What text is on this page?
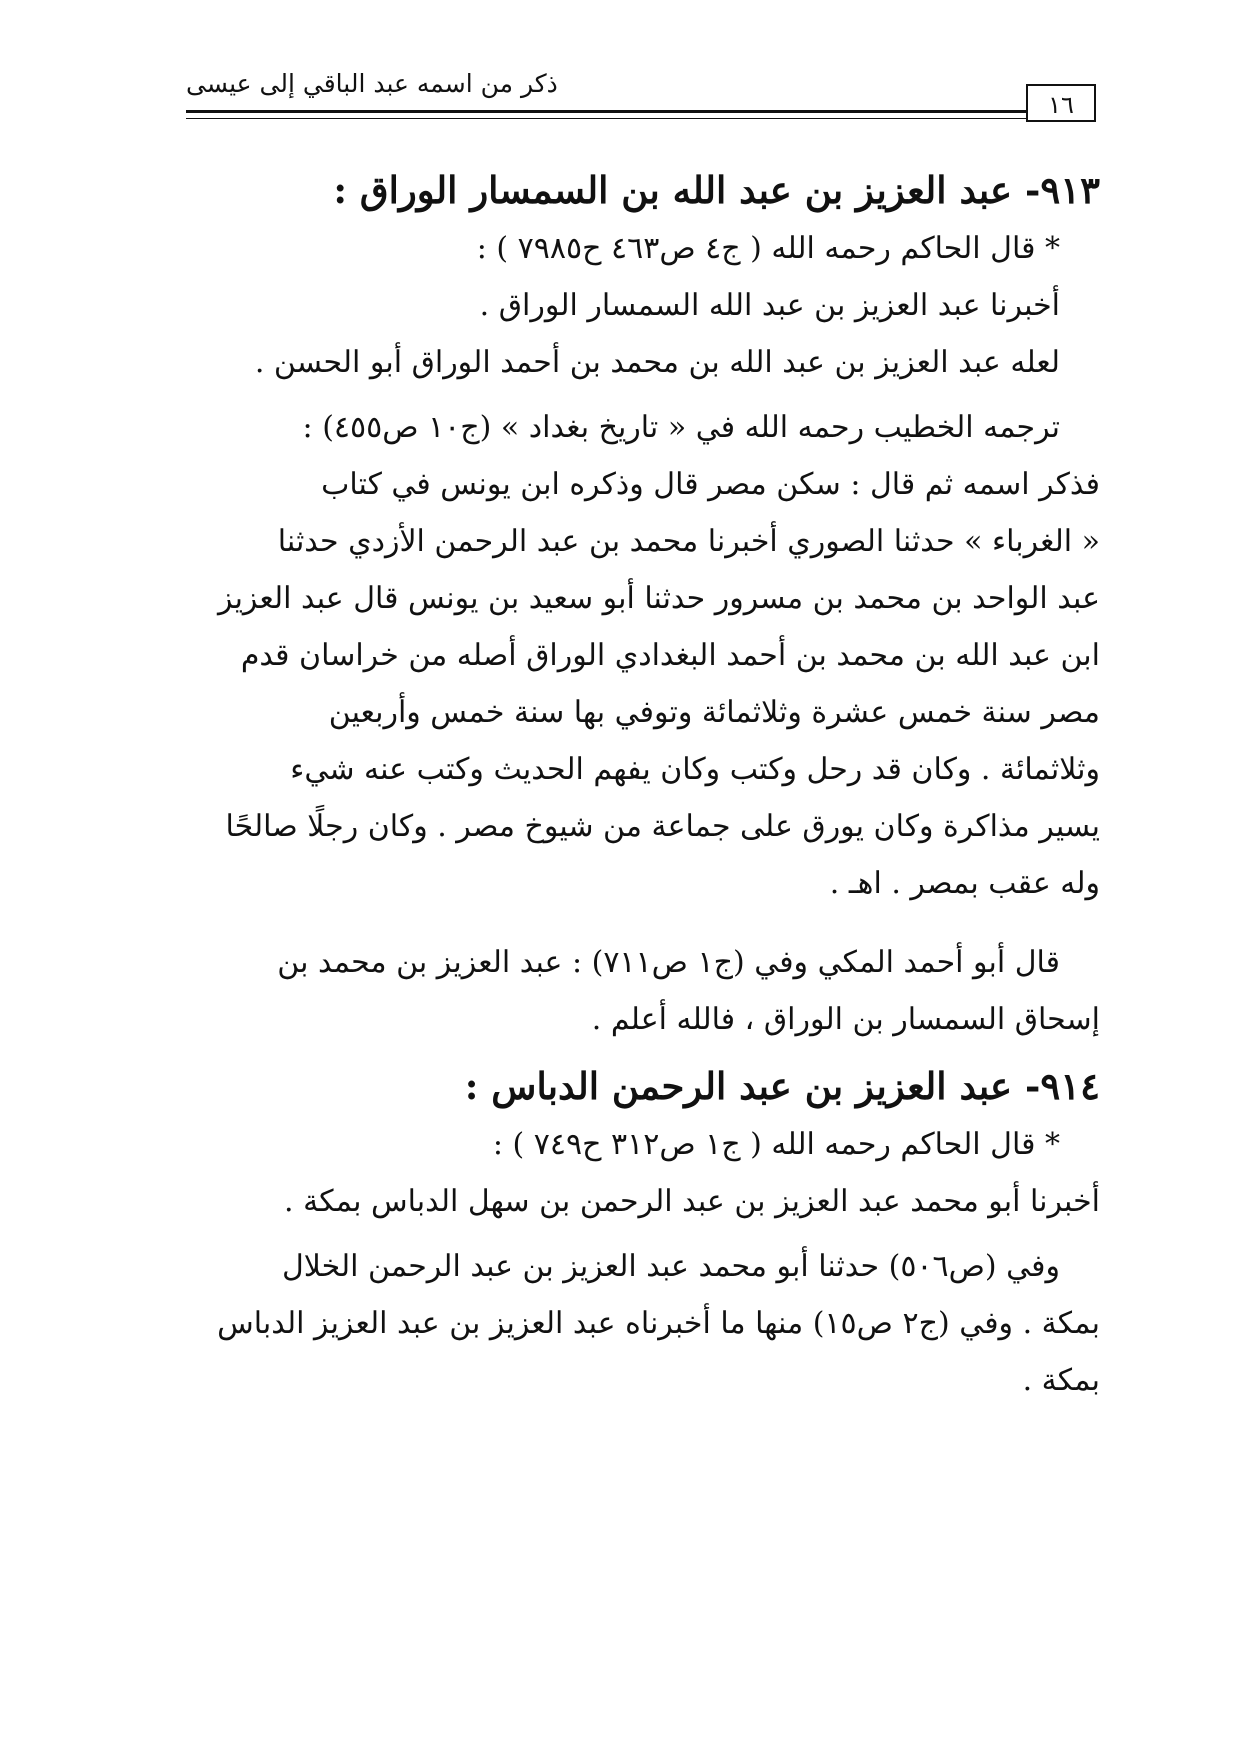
ذكر من اسمه عبد الباقي إلى عيسى
١٦

٩١٣- عبد العزيز بن عبد الله بن السمسار الوراق :

* قال الحاكم رحمه الله ( ج٤ ص٤٦٣ ح٧٩٨٥ ) :

أخبرنا عبد العزيز بن عبد الله السمسار الوراق .

لعله عبد العزيز بن عبد الله بن محمد بن أحمد الوراق أبو الحسن .

ترجمه الخطيب رحمه الله في « تاريخ بغداد » (ج١٠ ص٤٥٥) :

فذكر اسمه ثم قال : سكن مصر قال وذكره ابن يونس في كتاب

« الغرباء » حدثنا الصوري أخبرنا محمد بن عبد الرحمن الأزدي حدثنا

عبد الواحد بن محمد بن مسرور حدثنا أبو سعيد بن يونس قال عبد العزيز

ابن عبد الله بن محمد بن أحمد البغدادي الوراق أصله من خراسان قدم

مصر سنة خمس عشرة وثلاثمائة وتوفي بها سنة خمس وأربعين

وثلاثمائة . وكان قد رحل وكتب وكان يفهم الحديث وكتب عنه شيء

يسير مذاكرة وكان يورق على جماعة من شيوخ مصر . وكان رجلًا صالحًا

وله عقب بمصر . اهـ .

قال أبو أحمد المكي وفي (ج١ ص٧١١) : عبد العزيز بن محمد بن

إسحاق السمسار بن الوراق ، فالله أعلم .

٩١٤- عبد العزيز بن عبد الرحمن الدباس :

* قال الحاكم رحمه الله ( ج١ ص٣١٢ ح٧٤٩ ) :

أخبرنا أبو محمد عبد العزيز بن عبد الرحمن بن سهل الدباس بمكة .

وفي (ص٥٠٦) حدثنا أبو محمد عبد العزيز بن عبد الرحمن الخلال

بمكة . وفي (ج٢ ص١٥) منها ما أخبرناه عبد العزيز بن عبد العزيز الدباس

بمكة .
